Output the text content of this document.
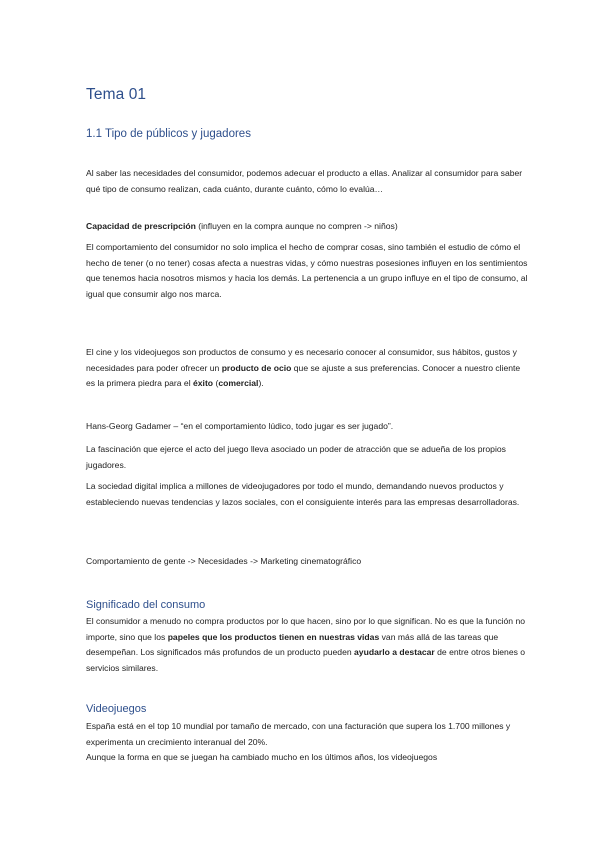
Tema 01
1.1 Tipo de públicos y jugadores

Al saber las necesidades del consumidor, podemos adecuar el producto a ellas. Analizar al consumidor para saber qué tipo de consumo realizan, cada cuánto, durante cuánto, cómo lo evalúa…

Capacidad de prescripción (influyen en la compra aunque no compren -> niños)

El comportamiento del consumidor no solo implica el hecho de comprar cosas, sino también el estudio de cómo el hecho de tener (o no tener) cosas afecta a nuestras vidas, y cómo nuestras posesiones influyen en los sentimientos que tenemos hacia nosotros mismos y hacia los demás. La pertenencia a un grupo influye en el tipo de consumo, al igual que consumir algo nos marca.

El cine y los videojuegos son productos de consumo y es necesario conocer al consumidor, sus hábitos, gustos y necesidades para poder ofrecer un producto de ocio que se ajuste a sus preferencias. Conocer a nuestro cliente es la primera piedra para el éxito (comercial).

Hans-Georg Gadamer – “en el comportamiento lúdico, todo jugar es ser jugado”.

La fascinación que ejerce el acto del juego lleva asociado un poder de atracción que se adueña de los propios jugadores.

La sociedad digital implica a millones de videojugadores por todo el mundo, demandando nuevos productos y estableciendo nuevas tendencias y lazos sociales, con el consiguiente interés para las empresas desarrolladoras.

Comportamiento de gente -> Necesidades -> Marketing cinematográfico

Significado del consumo

El consumidor a menudo no compra productos por lo que hacen, sino por lo que significan. No es que la función no importe, sino que los papeles que los productos tienen en nuestras vidas van más allá de las tareas que desempeñan. Los significados más profundos de un producto pueden ayudarlo a destacar de entre otros bienes o servicios similares.

Videojuegos

España está en el top 10 mundial por tamaño de mercado, con una facturación que supera los 1.700 millones y experimenta un crecimiento interanual del 20%.

Aunque la forma en que se juegan ha cambiado mucho en los últimos años, los videojuegos
